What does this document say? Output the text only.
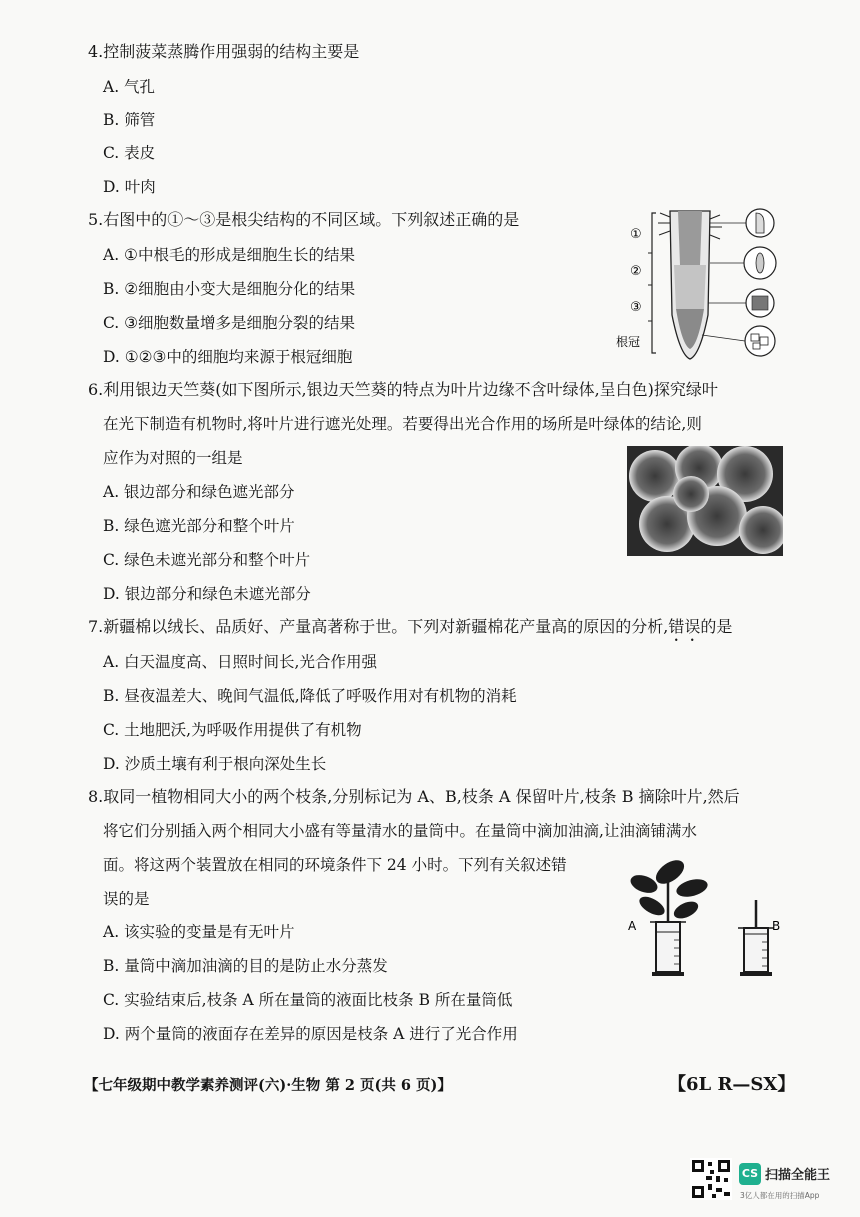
4.控制菠菜蒸腾作用强弱的结构主要是
A. 气孔
B. 筛管
C. 表皮
D. 叶肉
5.右图中的①～③是根尖结构的不同区域。下列叙述正确的是
A. ①中根毛的形成是细胞生长的结果
B. ②细胞由小变大是细胞分化的结果
C. ③细胞数量增多是细胞分裂的结果
D. ①②③中的细胞均来源于根冠细胞
①
②
③
根冠
6.利用银边天竺葵(如下图所示,银边天竺葵的特点为叶片边缘不含叶绿体,呈白色)探究绿叶
在光下制造有机物时,将叶片进行遮光处理。若要得出光合作用的场所是叶绿体的结论,则
应作为对照的一组是
A. 银边部分和绿色遮光部分
B. 绿色遮光部分和整个叶片
C. 绿色未遮光部分和整个叶片
D. 银边部分和绿色未遮光部分
7.新疆棉以绒长、品质好、产量高著称于世。下列对新疆棉花产量高的原因的分析,错误的是
A. 白天温度高、日照时间长,光合作用强
B. 昼夜温差大、晚间气温低,降低了呼吸作用对有机物的消耗
C. 土地肥沃,为呼吸作用提供了有机物
D. 沙质土壤有利于根向深处生长
8.取同一植物相同大小的两个枝条,分别标记为 A、B,枝条 A 保留叶片,枝条 B 摘除叶片,然后
将它们分别插入两个相同大小盛有等量清水的量筒中。在量筒中滴加油滴,让油滴铺满水
面。将这两个装置放在相同的环境条件下 24 小时。下列有关叙述错
误的是
A. 该实验的变量是有无叶片
B. 量筒中滴加油滴的目的是防止水分蒸发
C. 实验结束后,枝条 A 所在量筒的液面比枝条 B 所在量筒低
D. 两个量筒的液面存在差异的原因是枝条 A 进行了光合作用
A	B
【七年级期中教学素养测评(六)·生物 第 2 页(共 6 页)】	【6L R—SX】
CS 扫描全能王
3亿人都在用的扫描App
